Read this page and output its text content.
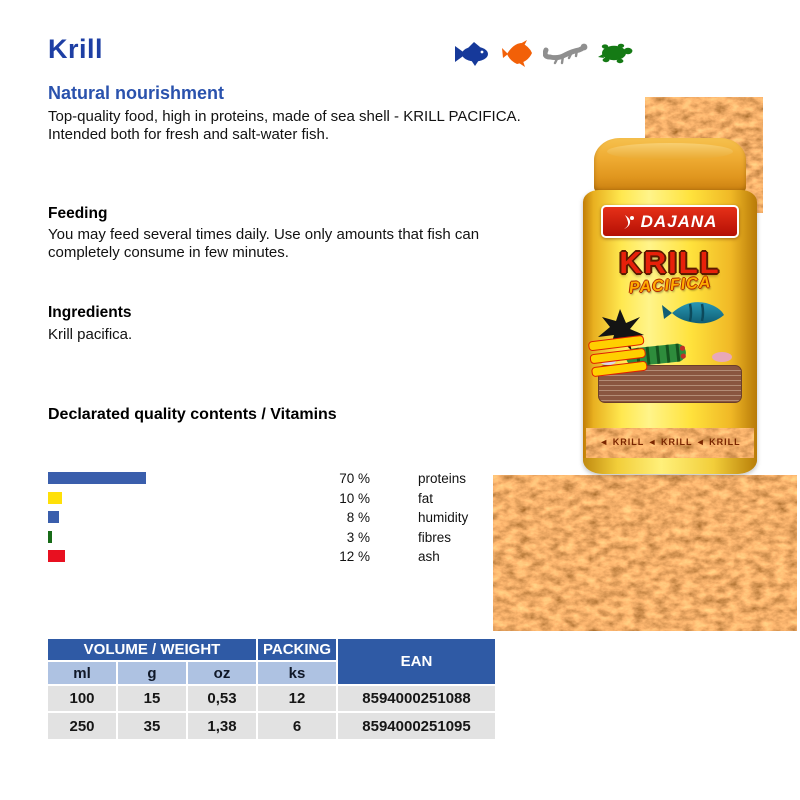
Krill
Natural nourishment
Top-quality food, high in proteins, made of sea shell - KRILL PACIFICA. Intended both for fresh and salt-water fish.
Feeding
You may feed several times daily. Use only amounts that fish can completely consume in few minutes.
Ingredients
Krill pacifica.
Declarated quality contents / Vitamins
70 %	proteins
10 %	fat
8 %	humidity
3 %	fibres
12 %	ash
DAJANA
KRILL
PACIFICA
◄ KRILL ◄ KRILL ◄ KRILL
VOLUME / WEIGHT	PACKING
EAN
ml	g	oz	ks
100	15	0,53	12	8594000251088
250	35	1,38	6	8594000251095
